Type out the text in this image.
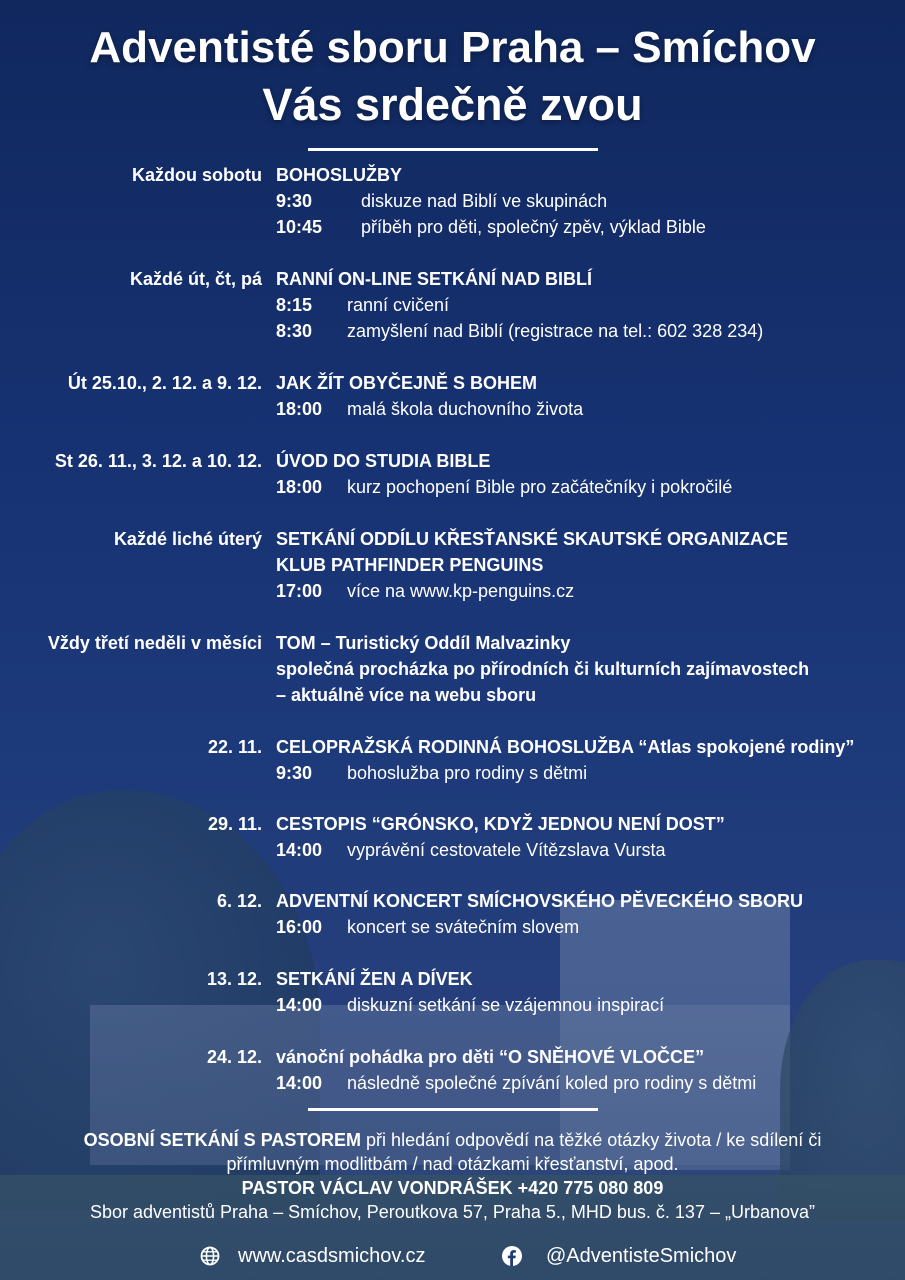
Adventisté sboru Praha – Smíchov
Vás srdečně zvou
Každou sobotu BOHOSLUŽBY
9:30	diskuze nad Biblí ve skupinách
10:45 příběh pro děti, společný zpěv, výklad Bible
Každé út, čt, pá RANNÍ ON-LINE SETKÁNÍ NAD BIBLÍ
8:15 ranní cvičení
8:30 zamyšlení nad Biblí (registrace na tel.: 602 328 234)
Út 25.10., 2. 12. a 9. 12. JAK ŽÍT OBYČEJNĚ S BOHEM
18:00 malá škola duchovního života
St 26. 11., 3. 12. a 10. 12. ÚVOD DO STUDIA BIBLE
18:00 kurz pochopení Bible pro začátečníky i pokročilé
Každé liché úterý SETKÁNÍ ODDÍLU KŘESŤANSKÉ SKAUTSKÉ ORGANIZACE
KLUB PATHFINDER PENGUINS
17:00 více na www.kp-penguins.cz
Vždy třetí neděli v měsíci TOM – Turistický Oddíl Malvazinky
společná procházka po přírodních či kulturních zajímavostech
– aktuálně více na webu sboru
22. 11. CELOPRAŽSKÁ RODINNÁ BOHOSLUŽBA “Atlas spokojené rodiny”
9:30 bohoslužba pro rodiny s dětmi
29. 11. CESTOPIS “GRÓNSKO, KDYŽ JEDNOU NENÍ DOST”
14:00 vyprávění cestovatele Vítězslava Vursta
6. 12. ADVENTNÍ KONCERT SMÍCHOVSKÉHO PĚVECKÉHO SBORU
16:00 koncert se svátečním slovem
13. 12. SETKÁNÍ ŽEN A DÍVEK
14:00 diskuzní setkání se vzájemnou inspirací
24. 12. vánoční pohádka pro děti “O SNĚHOVÉ VLOČCE”
14:00 následně společné zpívání koled pro rodiny s dětmi
OSOBNÍ SETKÁNÍ S PASTOREM při hledání odpovědí na těžké otázky života / ke sdílení či
přímluvným modlitbám / nad otázkami křesťanství, apod.
PASTOR VÁCLAV VONDRÁŠEK +420 775 080 809
Sbor adventistů Praha – Smíchov, Peroutkova 57, Praha 5., MHD bus. č. 137 – „Urbanova”
www.casdsmichov.cz	@AdventisteSmichov
